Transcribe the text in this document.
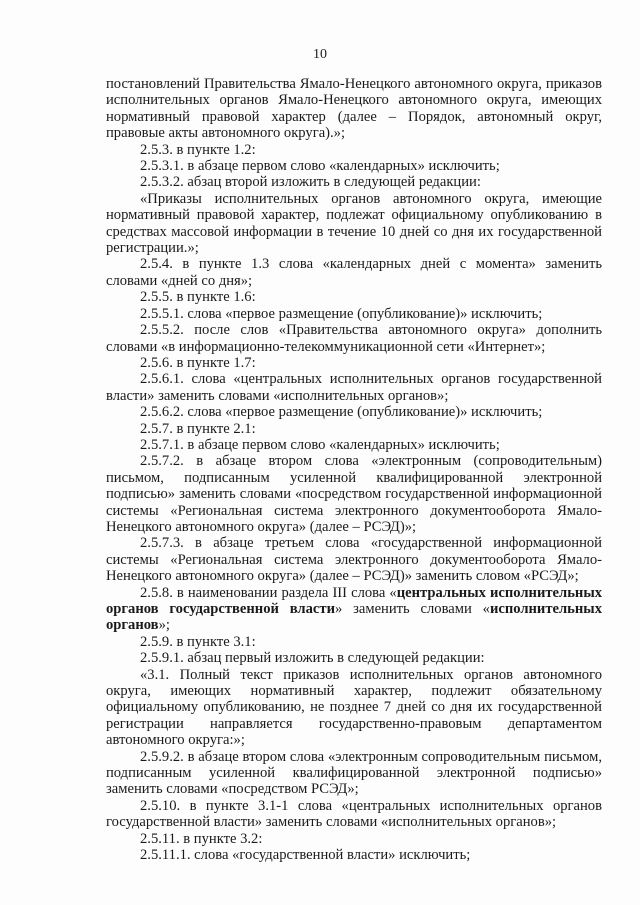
10

постановлений Правительства Ямало-Ненецкого автономного округа, приказов исполнительных органов Ямало-Ненецкого автономного округа, имеющих нормативный правовой характер (далее – Порядок, автономный округ, правовые акты автономного округа).»;

2.5.3. в пункте 1.2:

2.5.3.1. в абзаце первом слово «календарных» исключить;

2.5.3.2. абзац второй изложить в следующей редакции:

«Приказы исполнительных органов автономного округа, имеющие нормативный правовой характер, подлежат официальному опубликованию в средствах массовой информации в течение 10 дней со дня их государственной регистрации.»;

2.5.4. в пункте 1.3 слова «календарных дней с момента» заменить словами «дней со дня»;

2.5.5. в пункте 1.6:

2.5.5.1. слова «первое размещение (опубликование)» исключить;

2.5.5.2. после слов «Правительства автономного округа» дополнить словами «в информационно-телекоммуникационной сети «Интернет»;

2.5.6. в пункте 1.7:

2.5.6.1. слова «центральных исполнительных органов государственной власти» заменить словами «исполнительных органов»;

2.5.6.2. слова «первое размещение (опубликование)» исключить;

2.5.7. в пункте 2.1:

2.5.7.1. в абзаце первом слово «календарных» исключить;

2.5.7.2. в абзаце втором слова «электронным (сопроводительным) письмом, подписанным усиленной квалифицированной электронной подписью» заменить словами «посредством государственной информационной системы «Региональная система электронного документооборота Ямало-Ненецкого автономного округа» (далее – РСЭД)»;

2.5.7.3. в абзаце третьем слова «государственной информационной системы «Региональная система электронного документооборота Ямало-Ненецкого автономного округа» (далее – РСЭД)» заменить словом «РСЭД»;

2.5.8. в наименовании раздела III слова «центральных исполнительных органов государственной власти» заменить словами «исполнительных органов»;

2.5.9. в пункте 3.1:

2.5.9.1. абзац первый изложить в следующей редакции:

«3.1. Полный текст приказов исполнительных органов автономного округа, имеющих нормативный характер, подлежит обязательному официальному опубликованию, не позднее 7 дней со дня их государственной регистрации направляется государственно-правовым департаментом автономного округа:»;

2.5.9.2. в абзаце втором слова «электронным сопроводительным письмом, подписанным усиленной квалифицированной электронной подписью» заменить словами «посредством РСЭД»;

2.5.10. в пункте 3.1-1 слова «центральных исполнительных органов государственной власти» заменить словами «исполнительных органов»;

2.5.11. в пункте 3.2:

2.5.11.1. слова «государственной власти» исключить;
